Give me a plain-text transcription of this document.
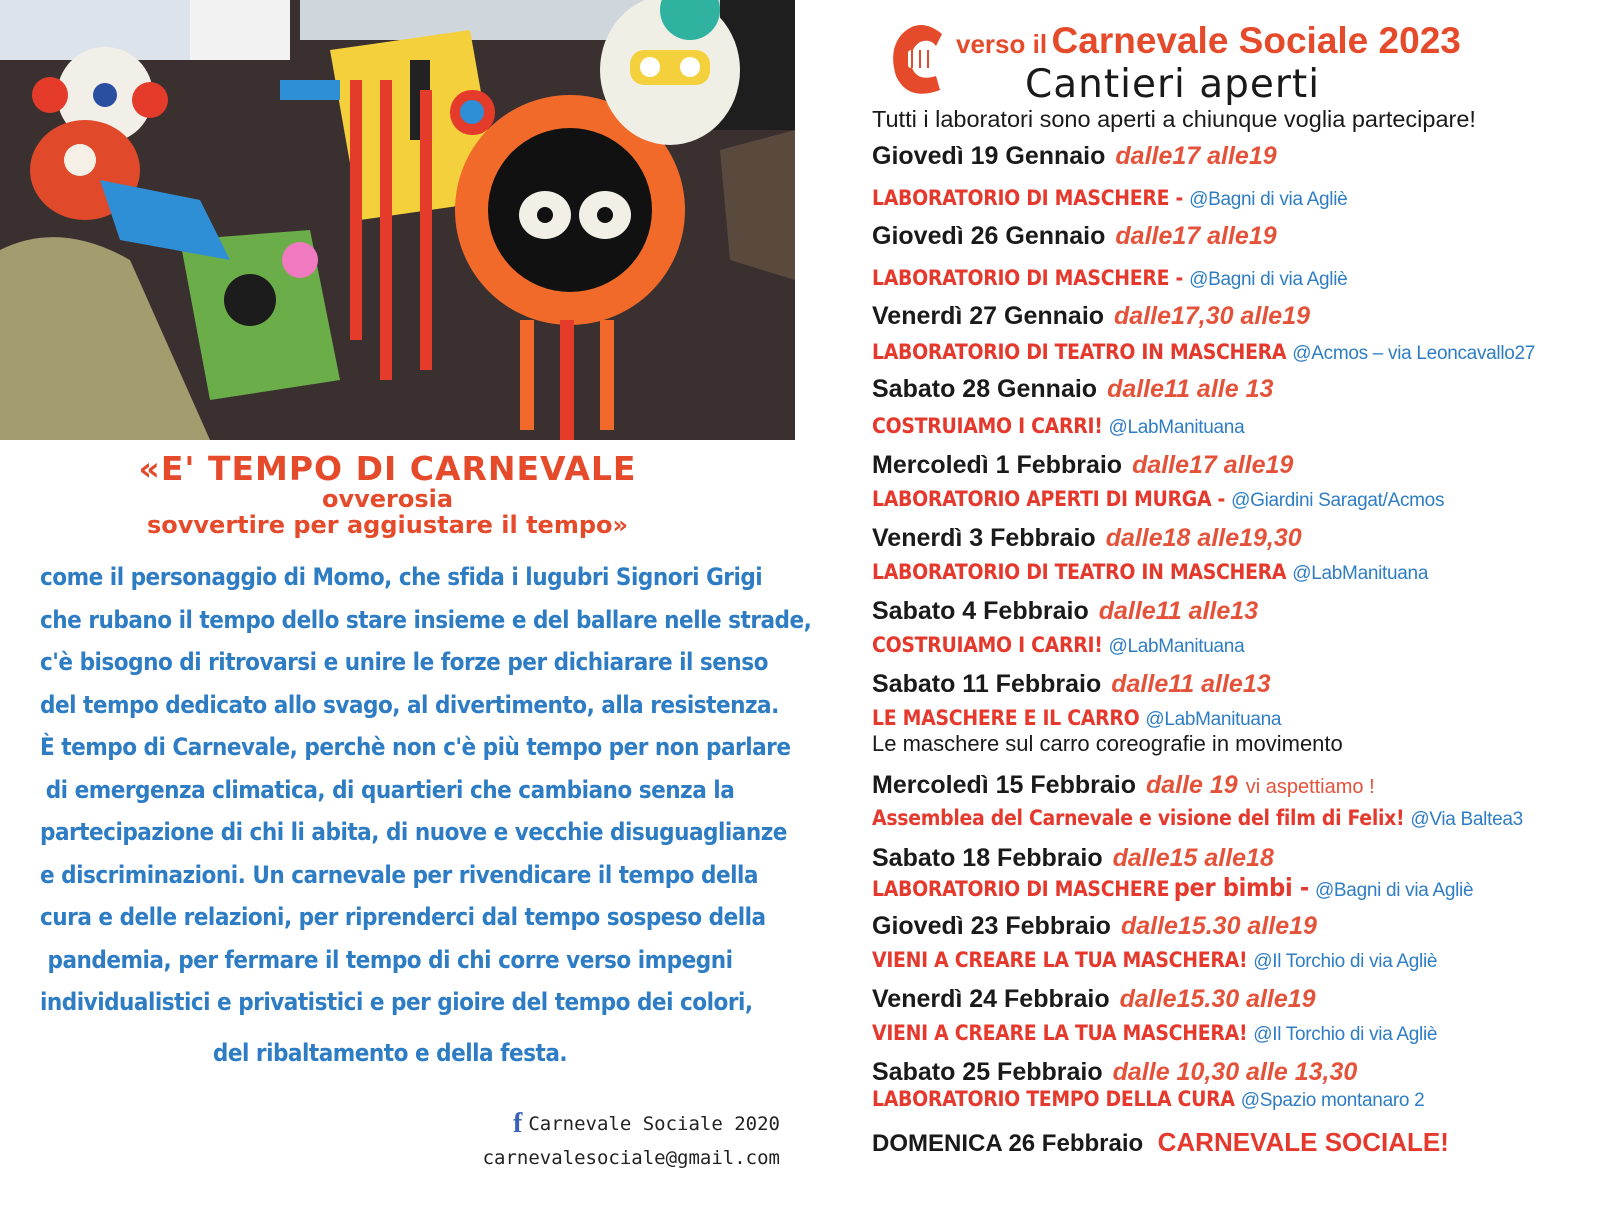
«E' TEMPO DI CARNEVALE
ovverosia
sovvertire per aggiustare il tempo»
come il personaggio di Momo, che sfida i lugubri Signori Grigi
che rubano il tempo dello stare insieme e del ballare nelle strade,
c'è bisogno di ritrovarsi e unire le forze per dichiarare il senso
del tempo dedicato allo svago, al divertimento, alla resistenza.
È tempo di Carnevale, perchè non c'è più tempo per non parlare
di emergenza climatica, di quartieri che cambiano senza la
partecipazione di chi li abita, di nuove e vecchie disuguaglianze
e discriminazioni. Un carnevale per rivendicare il tempo della
cura e delle relazioni, per riprenderci dal tempo sospeso della
pandemia, per fermare il tempo di chi corre verso impegni
individualistici e privatistici e per gioire del tempo dei colori,
del ribaltamento e della festa.
f Carnevale Sociale 2020
carnevalesociale@gmail.com
verso il Carnevale Sociale 2023
Cantieri aperti
Tutti i laboratori sono aperti a chiunque voglia partecipare!
Giovedì 19 Gennaio dalle17 alle19
LABORATORIO DI MASCHERE - @Bagni di via Agliè
Giovedì 26 Gennaio dalle17 alle19
LABORATORIO DI MASCHERE - @Bagni di via Agliè
Venerdì 27 Gennaio dalle17,30 alle19
LABORATORIO DI TEATRO IN MASCHERA @Acmos – via Leoncavallo27
Sabato 28 Gennaio dalle11 alle 13
COSTRUIAMO I CARRI! @LabManituana
Mercoledì 1 Febbraio dalle17 alle19
LABORATORIO APERTI DI MURGA - @Giardini Saragat/Acmos
Venerdì 3 Febbraio dalle18 alle19,30
LABORATORIO DI TEATRO IN MASCHERA @LabManituana
Sabato 4 Febbraio dalle11 alle13
COSTRUIAMO I CARRI! @LabManituana
Sabato 11 Febbraio dalle11 alle13
LE MASCHERE E IL CARRO @LabManituana
Le maschere sul carro coreografie in movimento
Mercoledì 15 Febbraio dalle 19 vi aspettiamo !
Assemblea del Carnevale e visione del film di Felix! @Via Baltea3
Sabato 18 Febbraio dalle15 alle18
LABORATORIO DI MASCHERE per bimbi - @Bagni di via Agliè
Giovedì 23 Febbraio dalle15.30 alle19
VIENI A CREARE LA TUA MASCHERA! @Il Torchio di via Agliè
Venerdì 24 Febbraio dalle15.30 alle19
VIENI A CREARE LA TUA MASCHERA! @Il Torchio di via Agliè
Sabato 25 Febbraio dalle 10,30 alle 13,30
LABORATORIO TEMPO DELLA CURA @Spazio montanaro 2
DOMENICA 26 Febbraio CARNEVALE SOCIALE!
